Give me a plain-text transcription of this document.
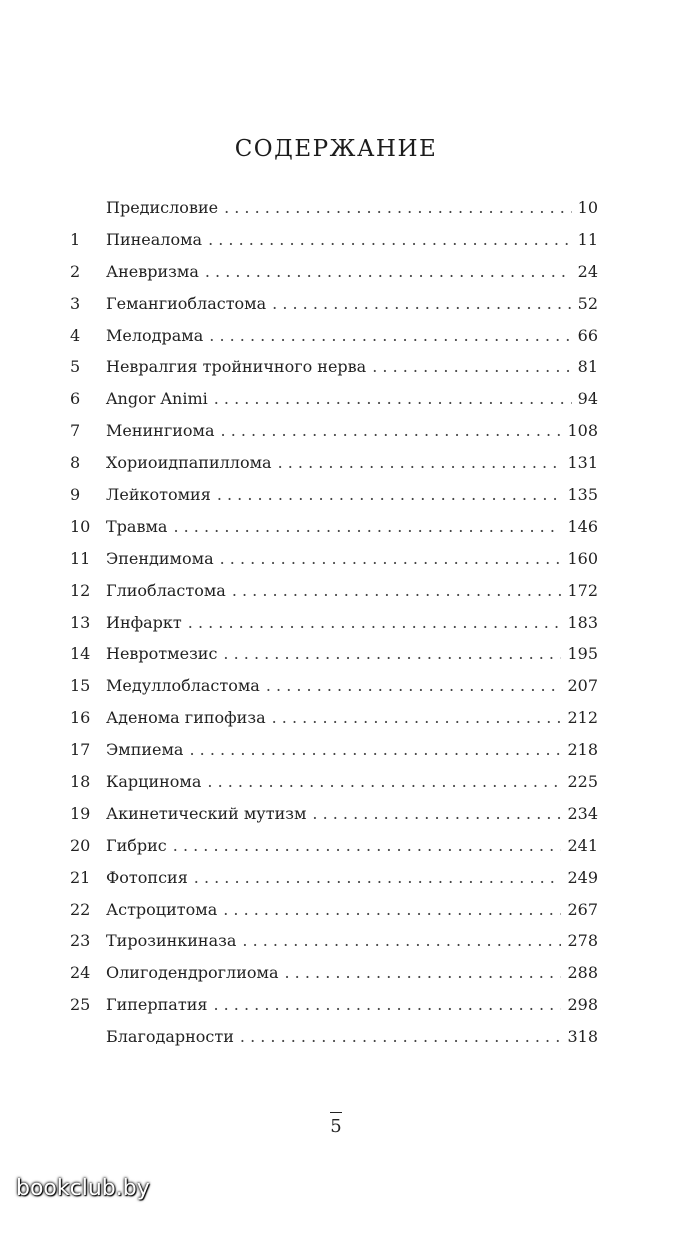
СОДЕРЖАНИЕ
Предисловие . . .	10
1	Пинеалома . . .	11
2	Аневризма . . .	24
3	Гемангиобластома . . .	52
4	Мелодрама . . .	66
5	Невралгия тройничного нерва . . .	81
6	Angor Animi . . .	94
7	Менингиома . . .	108
8	Хориоидпапиллома . . .	131
9	Лейкотомия . . .	135
10 Травма . . .	146
11 Эпендимома . . .	160
12 Глиобластома . . .	172
13 Инфаркт . . .	183
14 Невротмезис . . .	195
15 Медуллобластома . . .	207
16 Аденома гипофиза . . .	212
17 Эмпиема . . .	218
18 Карцинома . . .	225
19 Акинетический мутизм . . .	234
20 Гибрис . . .	241
21 Фотопсия . . .	249
22 Астроцитома . . .	267
23 Тирозинкиназа . . .	278
24 Олигодендроглиома . . .	288
25 Гиперпатия . . .	298
Благодарности . . .	318
5
bookclub.by
